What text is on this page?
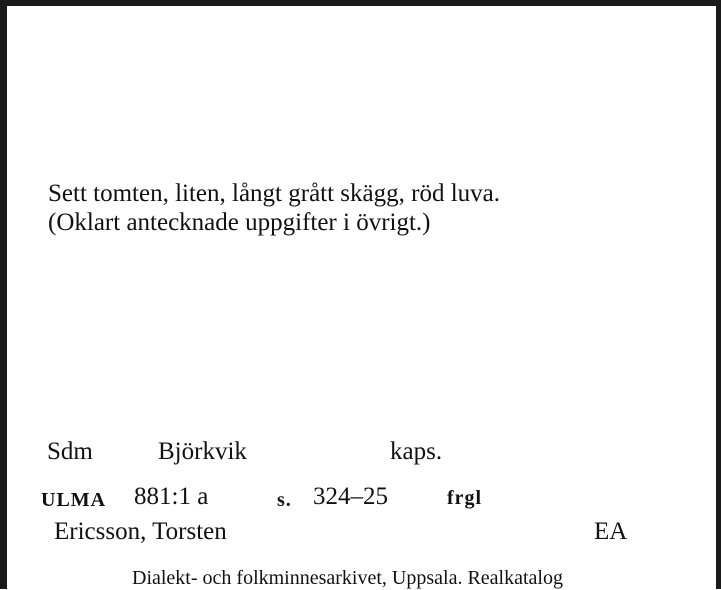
Sett tomten, liten, långt grått skägg, röd luva.
(Oklart antecknade uppgifter i övrigt.)
Sdm	Björkvik	kaps.
ULMA 881:1 a	s. 324–25	frgl
Ericsson, Torsten	EA
Dialekt- och folkminnesarkivet, Uppsala. Realkatalog
